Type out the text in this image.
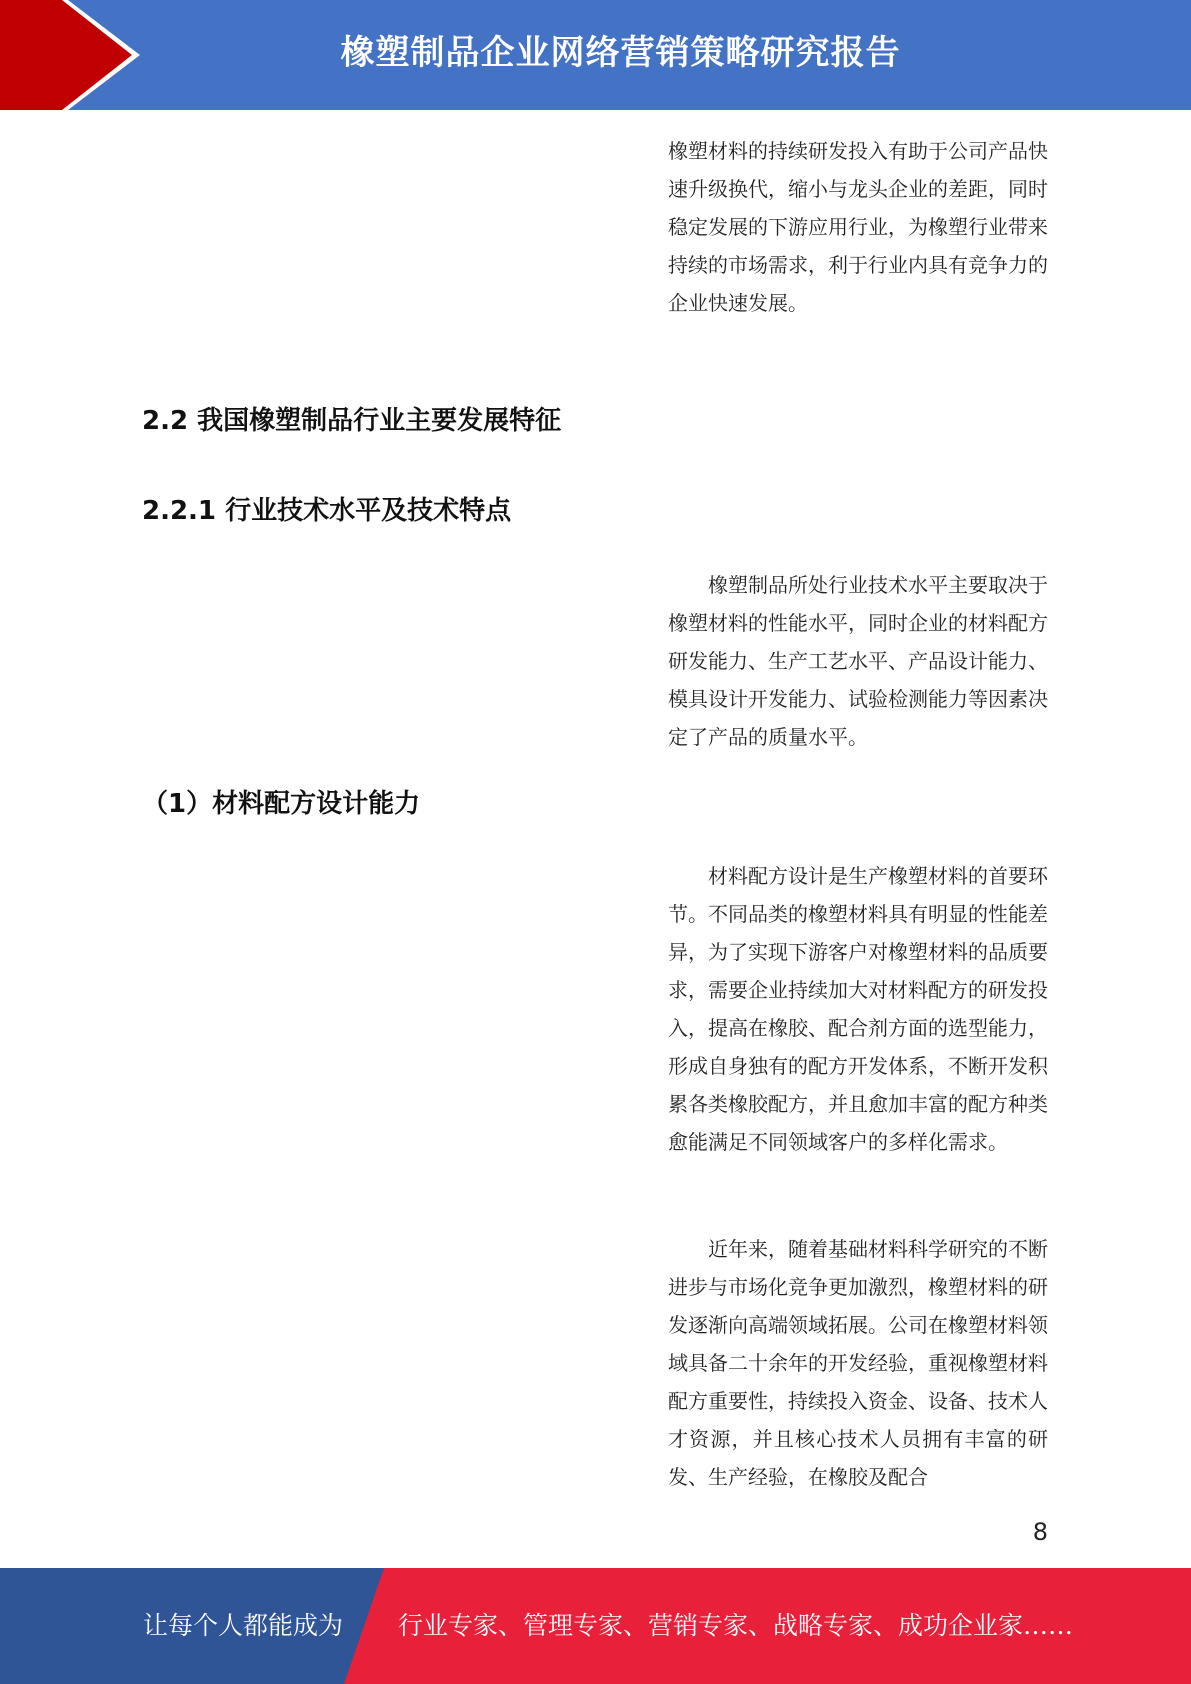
橡塑制品企业网络营销策略研究报告

橡塑材料的持续研发投入有助于公司产品快速升级换代，缩小与龙头企业的差距，同时稳定发展的下游应用行业，为橡塑行业带来持续的市场需求，利于行业内具有竞争力的企业快速发展。

2.2 我国橡塑制品行业主要发展特征
2.2.1 行业技术水平及技术特点

橡塑制品所处行业技术水平主要取决于橡塑材料的性能水平，同时企业的材料配方研发能力、生产工艺水平、产品设计能力、模具设计开发能力、试验检测能力等因素决定了产品的质量水平。

（1）材料配方设计能力

材料配方设计是生产橡塑材料的首要环节。不同品类的橡塑材料具有明显的性能差异，为了实现下游客户对橡塑材料的品质要求，需要企业持续加大对材料配方的研发投入，提高在橡胶、配合剂方面的选型能力，形成自身独有的配方开发体系，不断开发积累各类橡胶配方，并且愈加丰富的配方种类愈能满足不同领域客户的多样化需求。

近年来，随着基础材料科学研究的不断进步与市场化竞争更加激烈，橡塑材料的研发逐渐向高端领域拓展。公司在橡塑材料领域具备二十余年的开发经验，重视橡塑材料配方重要性，持续投入资金、设备、技术人才资源，并且核心技术人员拥有丰富的研发、生产经验，在橡胶及配合

8
让每个人都能成为	行业专家、管理专家、营销专家、战略专家、成功企业家……
